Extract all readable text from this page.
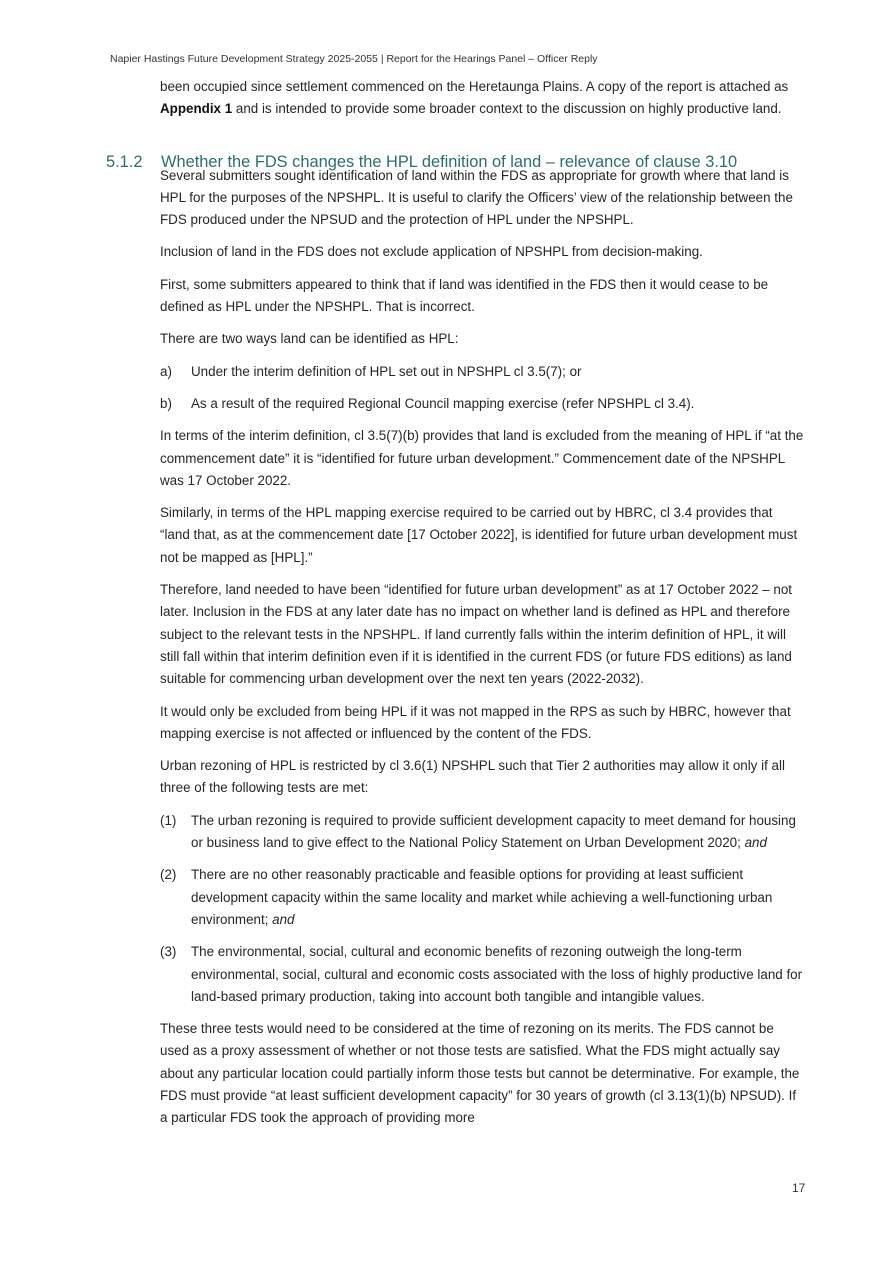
Napier Hastings Future Development Strategy 2025-2055 | Report for the Hearings Panel – Officer Reply
5.1.2 Whether the FDS changes the HPL definition of land – relevance of clause 3.10

been occupied since settlement commenced on the Heretaunga Plains. A copy of the report is attached as Appendix 1 and is intended to provide some broader context to the discussion on highly productive land.

Several submitters sought identification of land within the FDS as appropriate for growth where that land is HPL for the purposes of the NPSHPL. It is useful to clarify the Officers’ view of the relationship between the FDS produced under the NPSUD and the protection of HPL under the NPSHPL.

Inclusion of land in the FDS does not exclude application of NPSHPL from decision-making.

First, some submitters appeared to think that if land was identified in the FDS then it would cease to be defined as HPL under the NPSHPL. That is incorrect.

There are two ways land can be identified as HPL:

a)	Under the interim definition of HPL set out in NPSHPL cl 3.5(7); or
b)	As a result of the required Regional Council mapping exercise (refer NPSHPL cl 3.4).

In terms of the interim definition, cl 3.5(7)(b) provides that land is excluded from the meaning of HPL if “at the commencement date” it is “identified for future urban development.” Commencement date of the NPSHPL was 17 October 2022.

Similarly, in terms of the HPL mapping exercise required to be carried out by HBRC, cl 3.4 provides that “land that, as at the commencement date [17 October 2022], is identified for future urban development must not be mapped as [HPL].”

Therefore, land needed to have been “identified for future urban development” as at 17 October 2022 – not later. Inclusion in the FDS at any later date has no impact on whether land is defined as HPL and therefore subject to the relevant tests in the NPSHPL. If land currently falls within the interim definition of HPL, it will still fall within that interim definition even if it is identified in the current FDS (or future FDS editions) as land suitable for commencing urban development over the next ten years (2022-2032).

It would only be excluded from being HPL if it was not mapped in the RPS as such by HBRC, however that mapping exercise is not affected or influenced by the content of the FDS.

Urban rezoning of HPL is restricted by cl 3.6(1) NPSHPL such that Tier 2 authorities may allow it only if all three of the following tests are met:

(1)	The urban rezoning is required to provide sufficient development capacity to meet demand for housing or business land to give effect to the National Policy Statement on Urban Development 2020; and
(2)	There are no other reasonably practicable and feasible options for providing at least sufficient development capacity within the same locality and market while achieving a well-functioning urban environment; and
(3)	The environmental, social, cultural and economic benefits of rezoning outweigh the long-term environmental, social, cultural and economic costs associated with the loss of highly productive land for land-based primary production, taking into account both tangible and intangible values.

These three tests would need to be considered at the time of rezoning on its merits. The FDS cannot be used as a proxy assessment of whether or not those tests are satisfied. What the FDS might actually say about any particular location could partially inform those tests but cannot be determinative. For example, the FDS must provide “at least sufficient development capacity” for 30 years of growth (cl 3.13(1)(b) NPSUD). If a particular FDS took the approach of providing more

17
